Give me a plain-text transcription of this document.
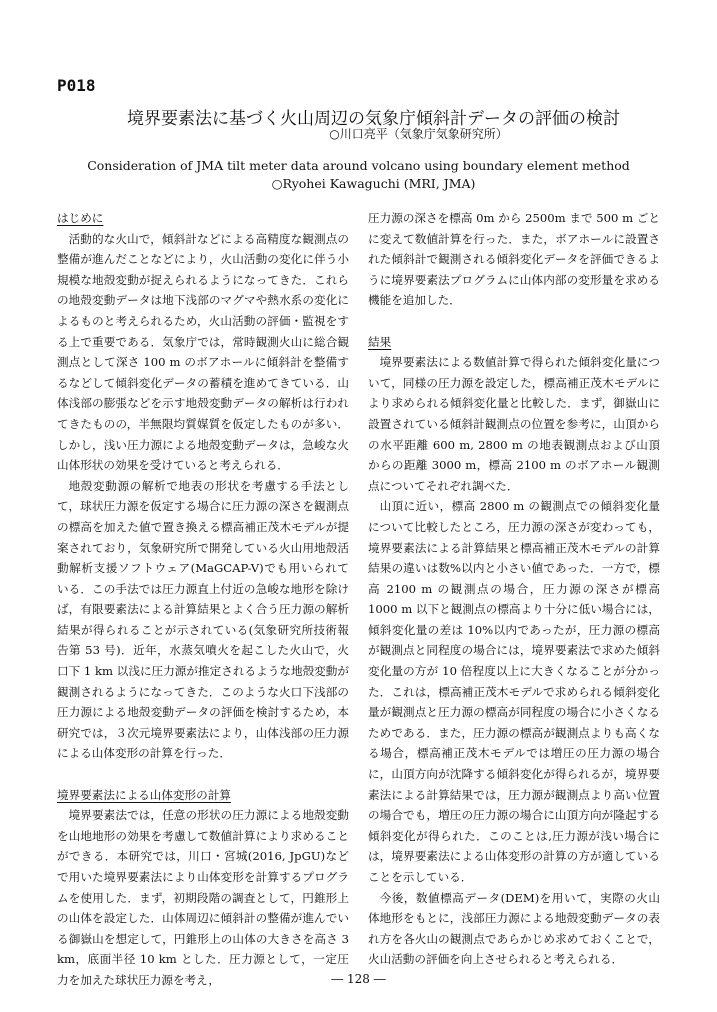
P018
境界要素法に基づく火山周辺の気象庁傾斜計データの評価の検討
○川口亮平（気象庁気象研究所）
Consideration of JMA tilt meter data around volcano using boundary element method
○Ryohei Kawaguchi (MRI, JMA)
はじめに

活動的な火山で，傾斜計などによる高精度な観測点の整備が進んだことなどにより，火山活動の変化に伴う小規模な地殻変動が捉えられるようになってきた．これらの地殻変動データは地下浅部のマグマや熱水系の変化によるものと考えられるため，火山活動の評価・監視をする上で重要である．気象庁では，常時観測火山に総合観測点として深さ 100 m のボアホールに傾斜計を整備するなどして傾斜変化データの蓄積を進めてきている．山体浅部の膨張などを示す地殻変動データの解析は行われてきたものの，半無限均質媒質を仮定したものが多い．しかし，浅い圧力源による地殻変動データは，急峻な火山体形状の効果を受けていると考えられる．

地殻変動源の解析で地表の形状を考慮する手法として，球状圧力源を仮定する場合に圧力源の深さを観測点の標高を加えた値で置き換える標高補正茂木モデルが提案されており，気象研究所で開発している火山用地殻活動解析支援ソフトウェア(MaGCAP-V)でも用いられている．この手法では圧力源直上付近の急峻な地形を除けば，有限要素法による計算結果とよく合う圧力源の解析結果が得られることが示されている(気象研究所技術報告第 53 号)．近年，水蒸気噴火を起こした火山で，火口下 1 km 以浅に圧力源が推定されるような地殻変動が観測されるようになってきた．このような火口下浅部の圧力源による地殻変動データの評価を検討するため，本研究では，３次元境界要素法により，山体浅部の圧力源による山体変形の計算を行った．

境界要素法による山体変形の計算

境界要素法では，任意の形状の圧力源による地殻変動を山地地形の効果を考慮して数値計算により求めることができる．本研究では，川口・宮城(2016, JpGU)などで用いた境界要素法により山体変形を計算するプログラムを使用した．まず，初期段階の調査として，円錐形上の山体を設定した．山体周辺に傾斜計の整備が進んでいる御嶽山を想定して，円錐形上の山体の大きさを高さ 3 km，底面半径 10 km とした．圧力源として，一定圧力を加えた球状圧力源を考え，

圧力源の深さを標高 0m から 2500m まで 500 m ごとに変えて数値計算を行った．また，ボアホールに設置された傾斜計で観測される傾斜変化データを評価できるように境界要素法プログラムに山体内部の変形量を求める機能を追加した．

結果

境界要素法による数値計算で得られた傾斜変化量について，同様の圧力源を設定した，標高補正茂木モデルにより求められる傾斜変化量と比較した．まず，御嶽山に設置されている傾斜計観測点の位置を参考に，山頂からの水平距離 600 m, 2800 m の地表観測点および山頂からの距離 3000 m，標高 2100 m のボアホール観測点についてそれぞれ調べた．

山頂に近い，標高 2800 m の観測点での傾斜変化量について比較したところ，圧力源の深さが変わっても，境界要素法による計算結果と標高補正茂木モデルの計算結果の違いは数%以内と小さい値であった．一方で，標高 2100 m の観測点の場合，圧力源の深さが標高 1000 m 以下と観測点の標高より十分に低い場合には，傾斜変化量の差は 10%以内であったが，圧力源の標高が観測点と同程度の場合には，境界要素法で求めた傾斜変化量の方が 10 倍程度以上に大きくなることが分かった．これは，標高補正茂木モデルで求められる傾斜変化量が観測点と圧力源の標高が同程度の場合に小さくなるためである．また，圧力源の標高が観測点よりも高くなる場合，標高補正茂木モデルでは増圧の圧力源の場合に，山頂方向が沈降する傾斜変化が得られるが，境界要素法による計算結果では，圧力源が観測点より高い位置の場合でも，増圧の圧力源の場合に山頂方向が隆起する傾斜変化が得られた．このことは,圧力源が浅い場合には，境界要素法による山体変形の計算の方が適していることを示している．

今後，数値標高データ(DEM)を用いて，実際の火山体地形をもとに，浅部圧力源による地殻変動データの表れ方を各火山の観測点であらかじめ求めておくことで，火山活動の評価を向上させられると考えられる．

― 128 ―
